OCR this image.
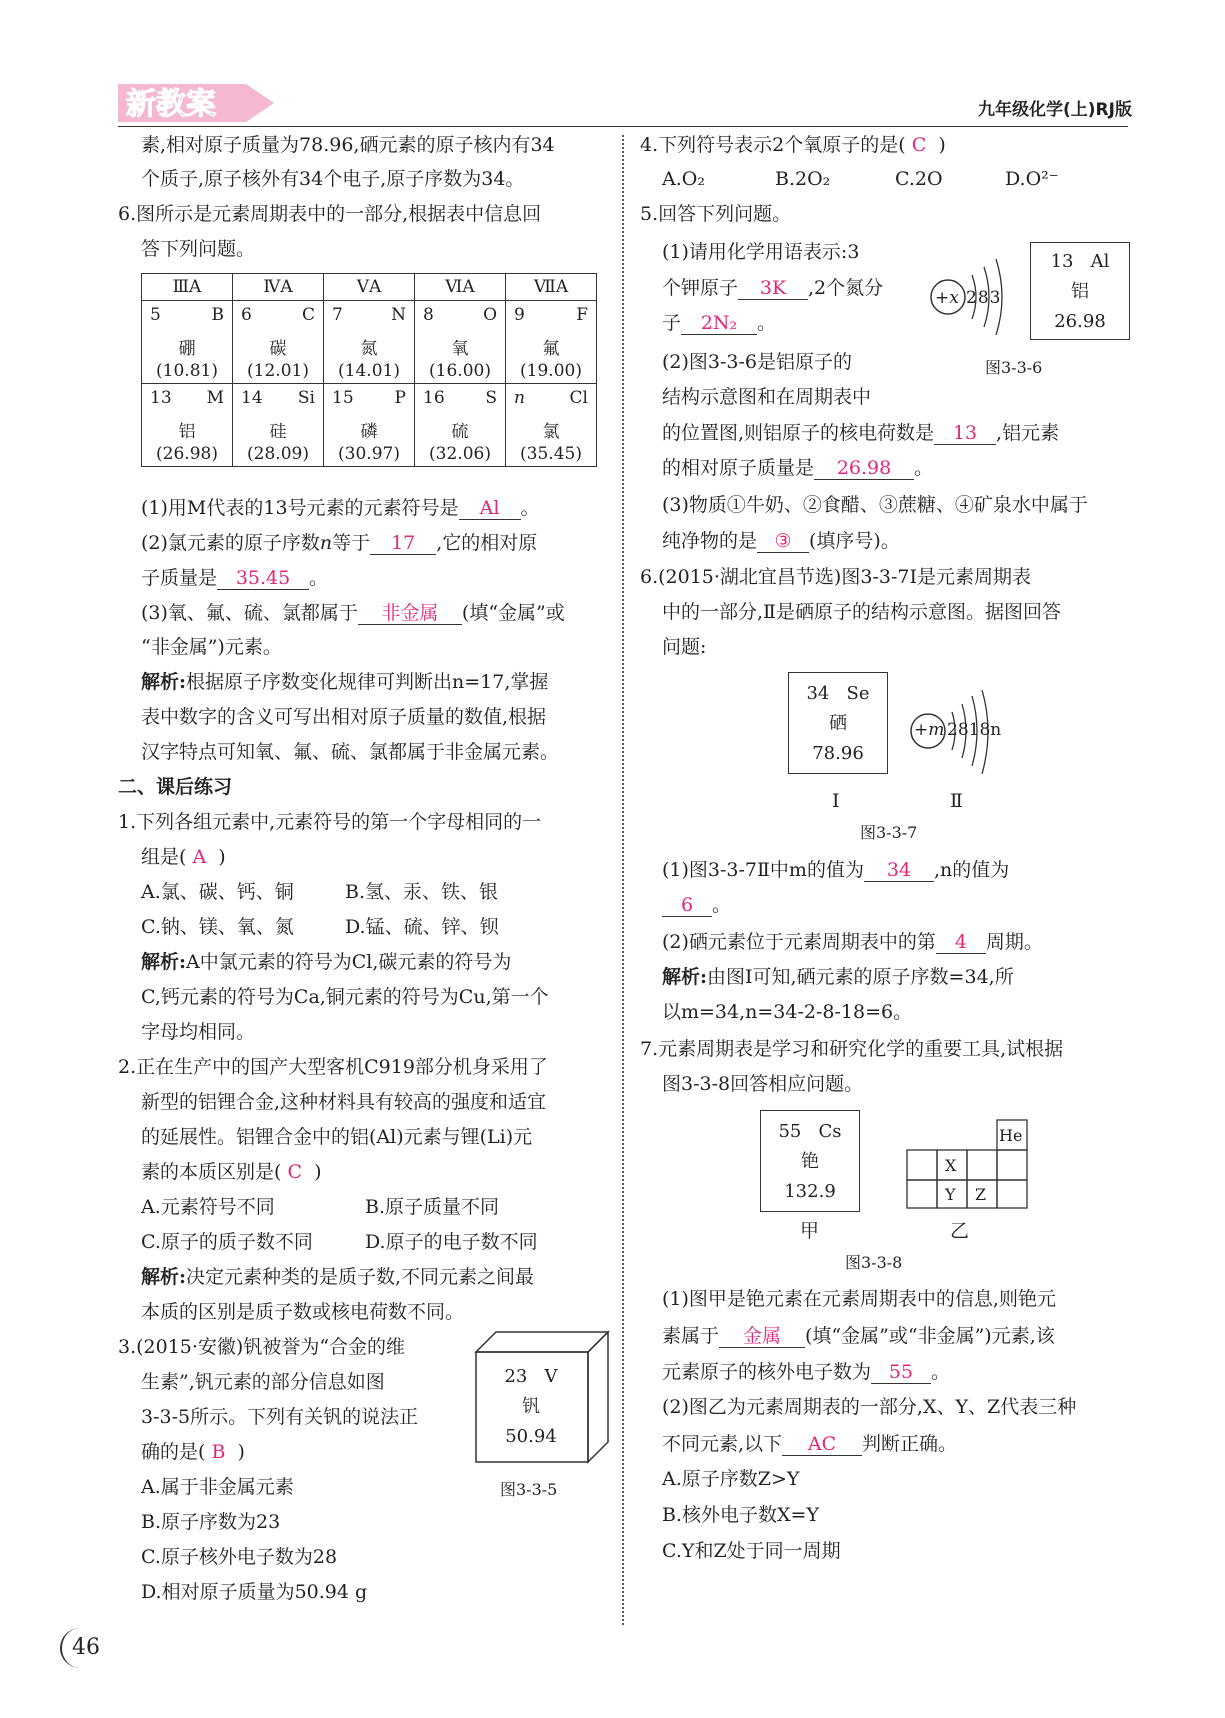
新教案	九年级化学(上)RJ版
素,相对原子质量为78.96,硒元素的原子核内有34
个质子,原子核外有34个电子,原子序数为34。
6.图所示是元素周期表中的一部分,根据表中信息回
答下列问题。
ⅢA	ⅣA	ⅤA	ⅥA	ⅦA

5 B
硼
(10.81)	6 C
碳
(12.01)	7 N
氮
(14.01)	8 O
氧
(16.00)	9 F
氟
(19.00)

13 M
铝
(26.98)	14 Si
硅
(28.09)	15 P
磷
(30.97)	16 S
硫
(32.06)	n Cl
氯
(35.45)
(1)用M代表的13号元素的元素符号是 Al 。
(2)氯元素的原子序数n等于 17 ,它的相对原
子质量是 35.45 。
(3)氧、氟、硫、氯都属于 非金属 (填“金属”或
“非金属”)元素。
解析:根据原子序数变化规律可判断出n=17,掌握
表中数字的含义可写出相对原子质量的数值,根据
汉字特点可知氧、氟、硫、氯都属于非金属元素。
二、课后练习
1.下列各组元素中,元素符号的第一个字母相同的一
组是( A )
A.氯、碳、钙、铜	B.氢、汞、铁、银
C.钠、镁、氧、氮	D.锰、硫、锌、钡
解析:A中氯元素的符号为Cl,碳元素的符号为
C,钙元素的符号为Ca,铜元素的符号为Cu,第一个
字母均相同。
2.正在生产中的国产大型客机C919部分机身采用了
新型的铝锂合金,这种材料具有较高的强度和适宜
的延展性。铝锂合金中的铝(Al)元素与锂(Li)元
素的本质区别是( C )
A.元素符号不同	B.原子质量不同
C.原子的质子数不同	D.原子的电子数不同
解析:决定元素种类的是质子数,不同元素之间最
本质的区别是质子数或核电荷数不同。
3.(2015·安徽)钒被誉为“合金的维
生素”,钒元素的部分信息如图
3-3-5所示。下列有关钒的说法正
确的是( B )
A.属于非金属元素
B.原子序数为23
C.原子核外电子数为28
D.相对原子质量为50.94 g
23 V
钒
50.94
图3-3-5
4.下列符号表示2个氧原子的是( C )
A.O₂	B.2O₂	C.2O	D.O²⁻
5.回答下列问题。
(1)请用化学用语表示:3
个钾原子 3K ,2个氮分
子 2N₂ 。
+x 283
13 Al
铝
26.98
图3-3-6
(2)图3-3-6是铝原子的
结构示意图和在周期表中
的位置图,则铝原子的核电荷数是 13 ,铝元素
的相对原子质量是 26.98 。
(3)物质①牛奶、②食醋、③蔗糖、④矿泉水中属于
纯净物的是 ③ (填序号)。
6.(2015·湖北宜昌节选)图3-3-7Ⅰ是元素周期表
中的一部分,Ⅱ是硒原子的结构示意图。据图回答
问题:
34 Se
硒
78.96
+m 2818n
Ⅰ	Ⅱ
图3-3-7
(1)图3-3-7Ⅱ中m的值为 34 ,n的值为
6 。
(2)硒元素位于元素周期表中的第 4 周期。
解析:由图Ⅰ可知,硒元素的原子序数=34,所
以m=34,n=34-2-8-18=6。
7.元素周期表是学习和研究化学的重要工具,试根据
图3-3-8回答相应问题。
55 Cs
铯
132.9
He
X
Y Z
甲	乙
图3-3-8
(1)图甲是铯元素在元素周期表中的信息,则铯元
素属于 金属 (填“金属”或“非金属”)元素,该
元素原子的核外电子数为 55 。
(2)图乙为元素周期表的一部分,X、Y、Z代表三种
不同元素,以下 AC 判断正确。
A.原子序数Z>Y
B.核外电子数X=Y
C.Y和Z处于同一周期
46
